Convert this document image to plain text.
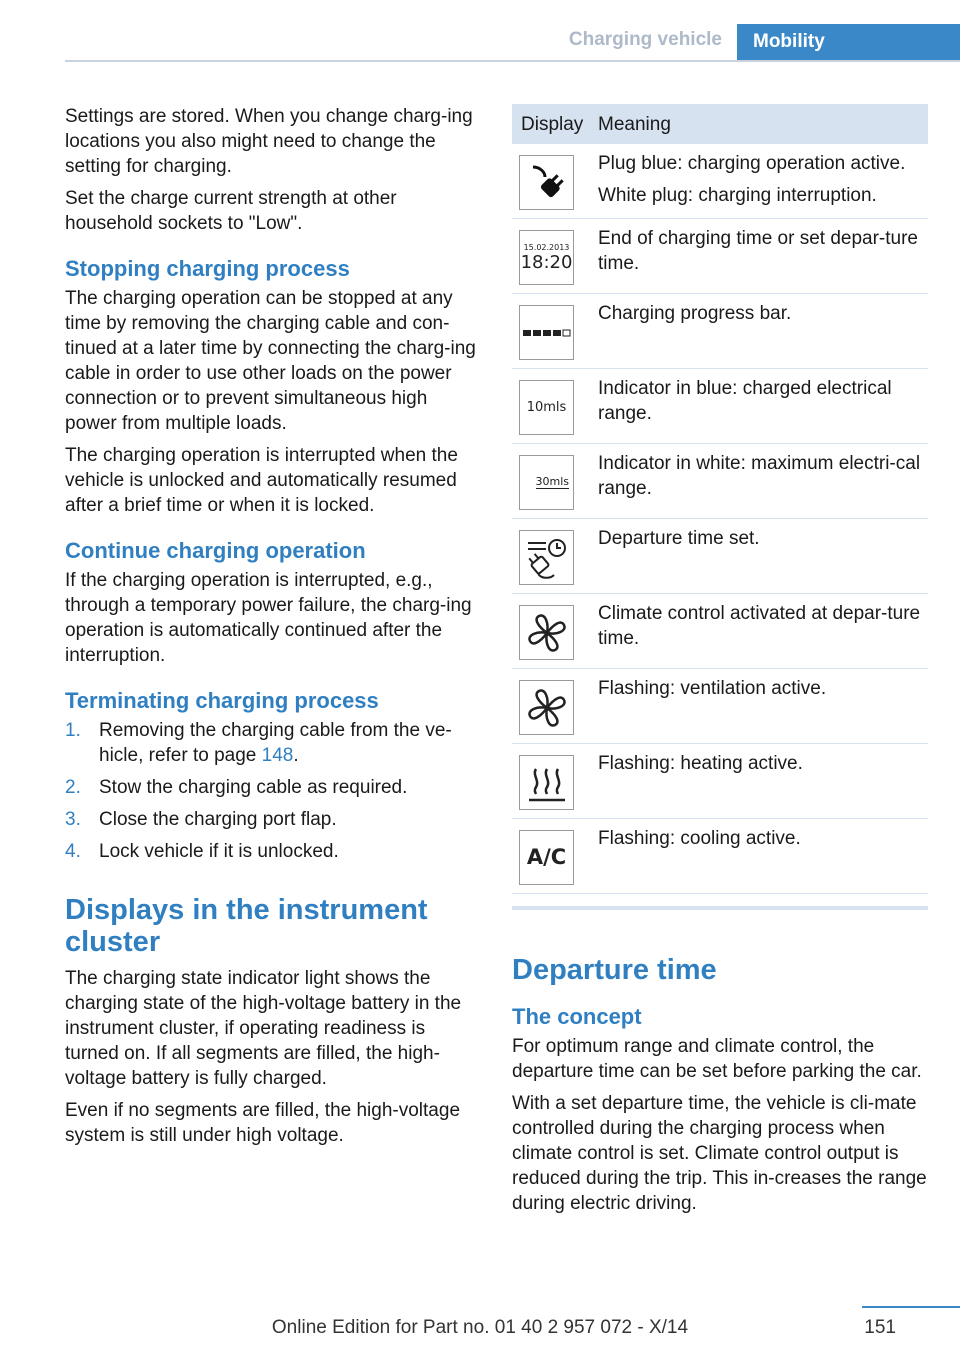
Charging vehicle	Mobility

Settings are stored. When you change charg‐ing locations you also might need to change the setting for charging.

Set the charge current strength at other household sockets to "Low".

Stopping charging process

The charging operation can be stopped at any time by removing the charging cable and con‐tinued at a later time by connecting the charg‐ing cable in order to use other loads on the power connection or to prevent simultaneous high power from multiple loads.

The charging operation is interrupted when the vehicle is unlocked and automatically resumed after a brief time or when it is locked.

Continue charging operation

If the charging operation is interrupted, e.g., through a temporary power failure, the charg‐ing operation is automatically continued after the interruption.

Terminating charging process
1. Removing the charging cable from the ve‐hicle, refer to page 148.
2. Stow the charging cable as required.
3. Close the charging port flap.
4. Lock vehicle if it is unlocked.
Displays in the instrument cluster

The charging state indicator light shows the charging state of the high-voltage battery in the instrument cluster, if operating readiness is turned on. If all segments are filled, the high-voltage battery is fully charged.

Even if no segments are filled, the high-voltage system is still under high voltage.

Display Meaning

Plug blue: charging operation active.

White plug: charging interruption.

15.02.2013
18:20

End of charging time or set depar‐ture time.

Charging progress bar.

10mls

Indicator in blue: charged electrical range.

30mls

Indicator in white: maximum electri‐cal range.

Departure time set.

Climate control activated at depar‐ture time.

Flashing: ventilation active.

Flashing: heating active.

A/C

Flashing: cooling active.

Departure time
The concept

For optimum range and climate control, the departure time can be set before parking the car.

With a set departure time, the vehicle is cli‐mate controlled during the charging process when climate control is set. Climate control output is reduced during the trip. This in‐creases the range during electric driving.

151
Online Edition for Part no. 01 40 2 957 072 - X/14
